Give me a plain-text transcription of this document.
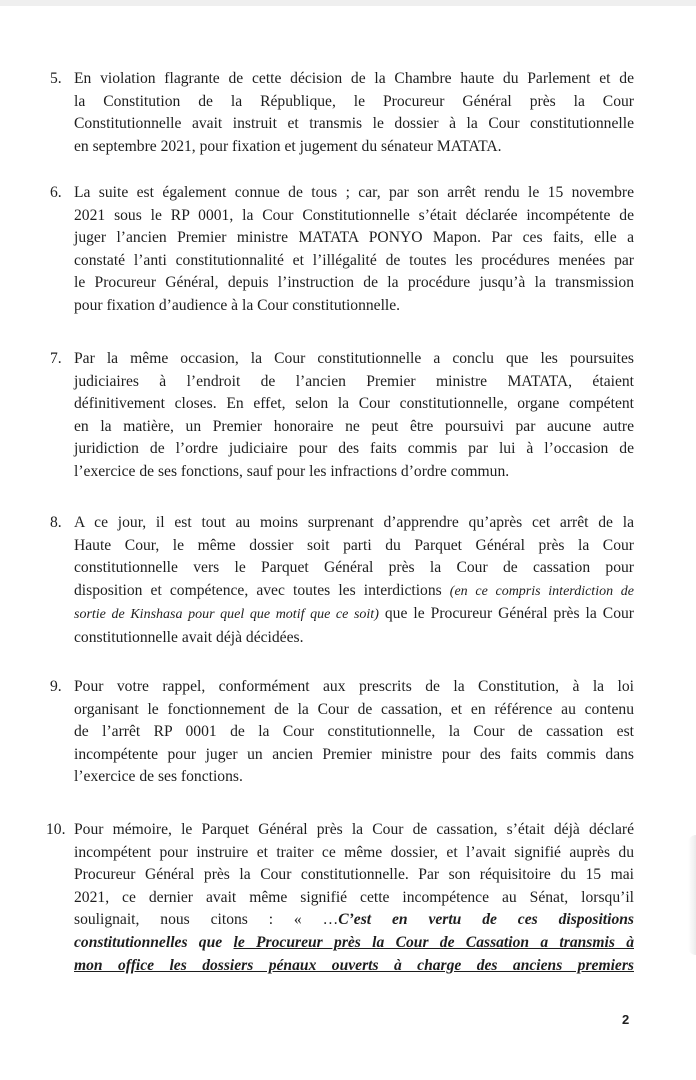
5. En violation flagrante de cette décision de la Chambre haute du Parlement et de
la Constitution de la République, le Procureur Général près la Cour
Constitutionnelle avait instruit et transmis le dossier à la Cour constitutionnelle
en septembre 2021, pour fixation et jugement du sénateur MATATA.
6. La suite est également connue de tous ; car, par son arrêt rendu le 15 novembre
2021 sous le RP 0001, la Cour Constitutionnelle s’était déclarée incompétente de
juger l’ancien Premier ministre MATATA PONYO Mapon. Par ces faits, elle a
constaté l’anti constitutionnalité et l’illégalité de toutes les procédures menées par
le Procureur Général, depuis l’instruction de la procédure jusqu’à la transmission
pour fixation d’audience à la Cour constitutionnelle.
7. Par la même occasion, la Cour constitutionnelle a conclu que les poursuites
judiciaires à l’endroit de l’ancien Premier ministre MATATA, étaient
définitivement closes. En effet, selon la Cour constitutionnelle, organe compétent
en la matière, un Premier honoraire ne peut être poursuivi par aucune autre
juridiction de l’ordre judiciaire pour des faits commis par lui à l’occasion de
l’exercice de ses fonctions, sauf pour les infractions d’ordre commun.
8. A ce jour, il est tout au moins surprenant d’apprendre qu’après cet arrêt de la
Haute Cour, le même dossier soit parti du Parquet Général près la Cour
constitutionnelle vers le Parquet Général près la Cour de cassation pour
disposition et compétence, avec toutes les interdictions (en ce compris interdiction de
sortie de Kinshasa pour quel que motif que ce soit) que le Procureur Général près la Cour
constitutionnelle avait déjà décidées.
9. Pour votre rappel, conformément aux prescrits de la Constitution, à la loi
organisant le fonctionnement de la Cour de cassation, et en référence au contenu
de l’arrêt RP 0001 de la Cour constitutionnelle, la Cour de cassation est
incompétente pour juger un ancien Premier ministre pour des faits commis dans
l’exercice de ses fonctions.
10. Pour mémoire, le Parquet Général près la Cour de cassation, s’était déjà déclaré
incompétent pour instruire et traiter ce même dossier, et l’avait signifié auprès du
Procureur Général près la Cour constitutionnelle. Par son réquisitoire du 15 mai
2021, ce dernier avait même signifié cette incompétence au Sénat, lorsqu’il
soulignait, nous citons : « …C’est en vertu de ces dispositions
constitutionnelles que le Procureur près la Cour de Cassation a transmis à
mon office les dossiers pénaux ouverts à charge des anciens premiers
2
